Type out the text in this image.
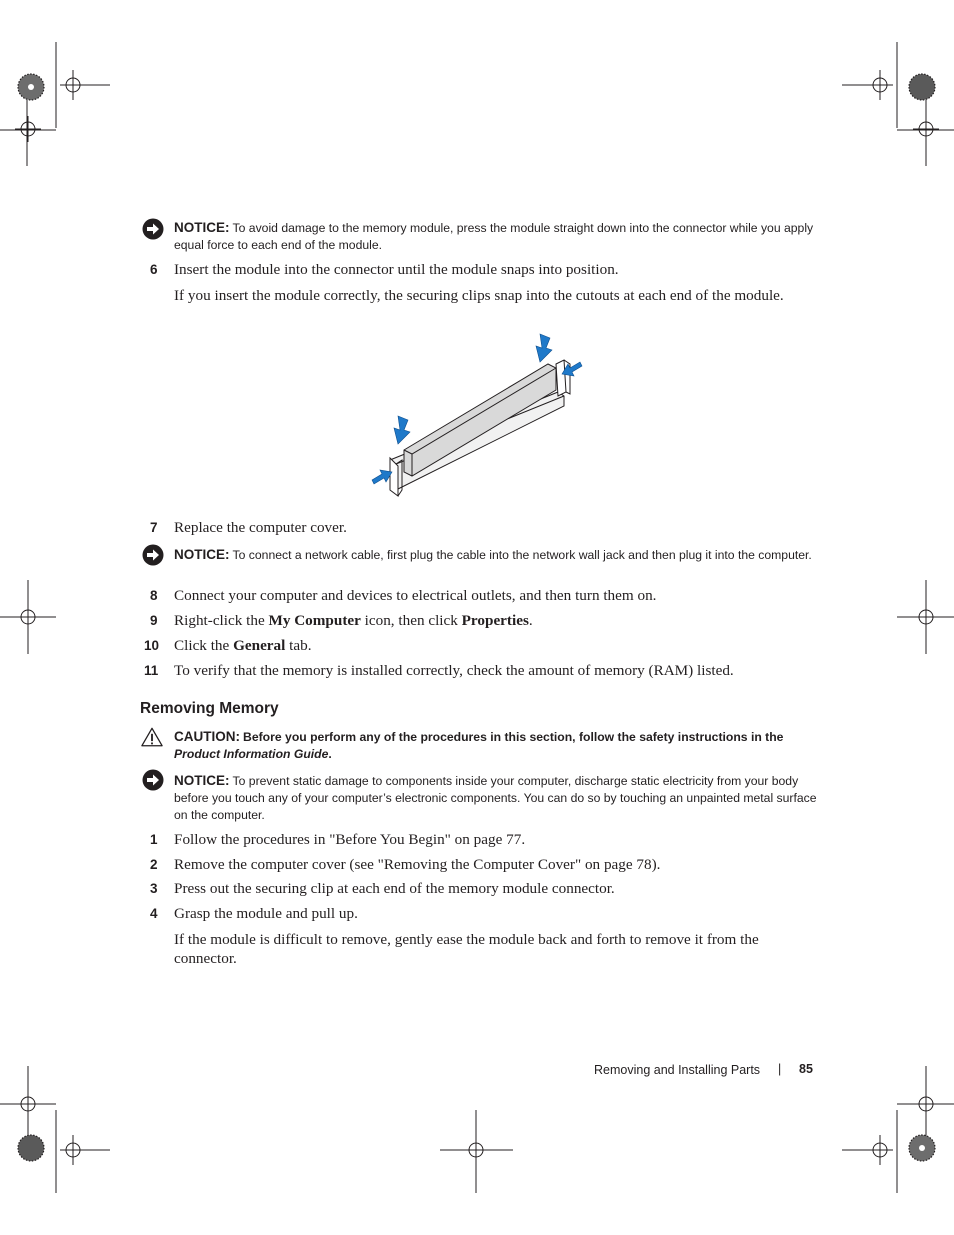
NOTICE: To avoid damage to the memory module, press the module straight down into the connector while you apply equal force to each end of the module.
6 Insert the module into the connector until the module snaps into position.
If you insert the module correctly, the securing clips snap into the cutouts at each end of the module.
7 Replace the computer cover.
NOTICE: To connect a network cable, first plug the cable into the network wall jack and then plug it into the computer.
8 Connect your computer and devices to electrical outlets, and then turn them on.
9 Right-click the My Computer icon, then click Properties.
10 Click the General tab.
11 To verify that the memory is installed correctly, check the amount of memory (RAM) listed.
Removing Memory
CAUTION: Before you perform any of the procedures in this section, follow the safety instructions in the Product Information Guide.
NOTICE: To prevent static damage to components inside your computer, discharge static electricity from your body before you touch any of your computer’s electronic components. You can do so by touching an unpainted metal surface on the computer.
1 Follow the procedures in "Before You Begin" on page 77.
2 Remove the computer cover (see "Removing the Computer Cover" on page 78).
3 Press out the securing clip at each end of the memory module connector.
4 Grasp the module and pull up.
If the module is difficult to remove, gently ease the module back and forth to remove it from the connector.
Removing and Installing Parts | 85
